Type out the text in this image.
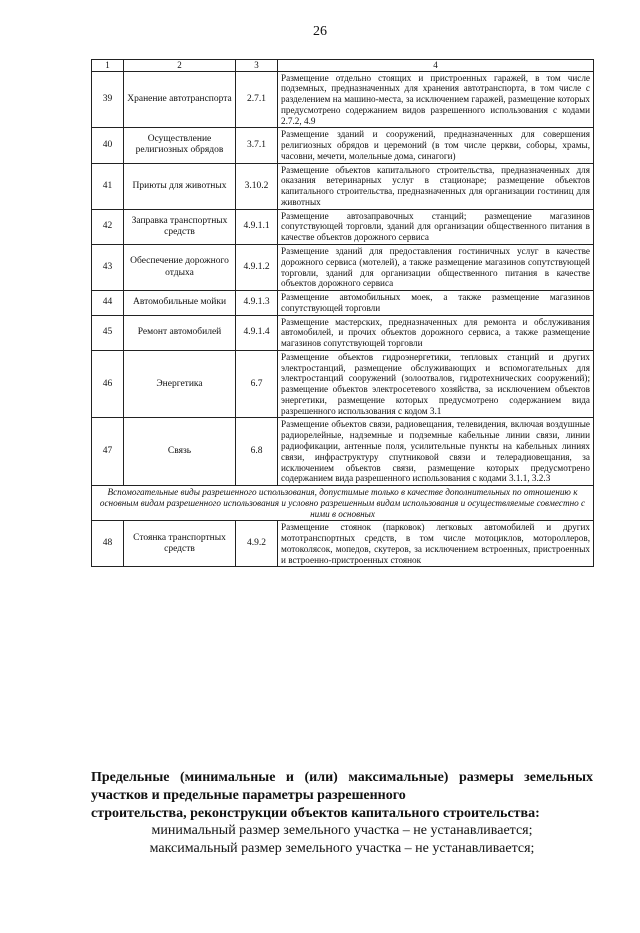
26
1	2	3	4
39	Хранение автотранспорта	2.7.1	Размещение отдельно стоящих и пристроенных гаражей, в том числе подземных, предназначенных для хранения автотранспорта, в том числе с разделением на машино-места, за исключением гаражей, размещение которых предусмотрено содержанием видов разрешенного использования с кодами 2.7.2, 4.9
40	Осуществление религиозных обрядов	3.7.1	Размещение зданий и сооружений, предназначенных для совершения религиозных обрядов и церемоний (в том числе церкви, соборы, храмы, часовни, мечети, молельные дома, синагоги)
41	Приюты для животных	3.10.2	Размещение объектов капитального строительства, предназначенных для оказания ветеринарных услуг в стационаре; размещение объектов капитального строительства, предназначенных для организации гостиниц для животных
42	Заправка транспортных средств	4.9.1.1	Размещение автозаправочных станций; размещение магазинов сопутствующей торговли, зданий для организации общественного питания в качестве объектов дорожного сервиса
43	Обеспечение дорожного отдыха	4.9.1.2	Размещение зданий для предоставления гостиничных услуг в качестве дорожного сервиса (мотелей), а также размещение магазинов сопутствующей торговли, зданий для организации общественного питания в качестве объектов дорожного сервиса
44	Автомобильные мойки	4.9.1.3	Размещение автомобильных моек, а также размещение магазинов сопутствующей торговли
45	Ремонт автомобилей	4.9.1.4	Размещение мастерских, предназначенных для ремонта и обслуживания автомобилей, и прочих объектов дорожного сервиса, а также размещение магазинов сопутствующей торговли
46	Энергетика	6.7	Размещение объектов гидроэнергетики, тепловых станций и других электростанций, размещение обслуживающих и вспомогательных для электростанций сооружений (золоотвалов, гидротехнических сооружений); размещение объектов электросетевого хозяйства, за исключением объектов энергетики, размещение которых предусмотрено содержанием вида разрешенного использования с кодом 3.1
47	Связь	6.8	Размещение объектов связи, радиовещания, телевидения, включая воздушные радиорелейные, надземные и подземные кабельные линии связи, линии радиофикации, антенные поля, усилительные пункты на кабельных линиях связи, инфраструктуру спутниковой связи и телерадиовещания, за исключением объектов связи, размещение которых предусмотрено содержанием вида разрешенного использования с кодами 3.1.1, 3.2.3
Вспомогательные виды разрешенного использования, допустимые только в качестве дополнительных по отношению к основным видам разрешенного использования и условно разрешенным видам использования и осуществляемые совместно с ними в основных			
48	Стоянка транспортных средств	4.9.2	Размещение стоянок (парковок) легковых автомобилей и других мототранспортных средств, в том числе мотоциклов, мотороллеров, мотоколясок, мопедов, скутеров, за исключением встроенных, пристроенных и встроенно-пристроенных стоянок
Предельные (минимальные и (или) максимальные) размеры земельных участков и предельные параметры разрешенного
строительства, реконструкции объектов капитального строительства:
минимальный размер земельного участка – не устанавливается;
максимальный размер земельного участка – не устанавливается;
